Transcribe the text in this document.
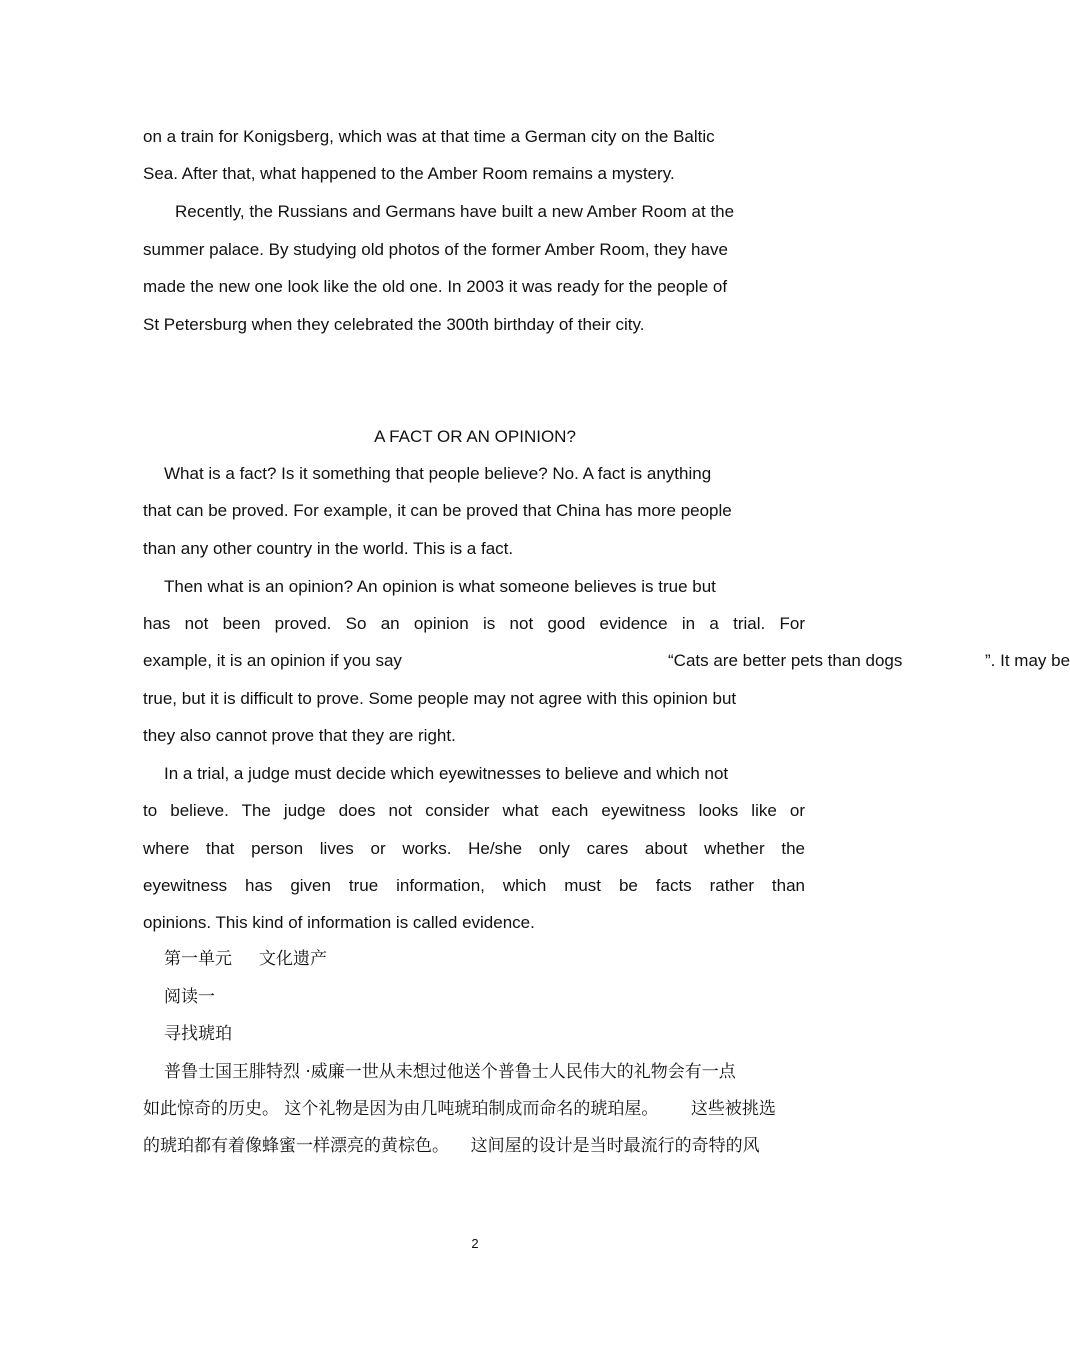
on a train for Konigsberg, which was at that time a German city on the Baltic
Sea. After that, what happened to the Amber Room remains a mystery.
Recently, the Russians and Germans have built a new Amber Room at the
summer palace. By studying old photos of the former Amber Room, they have
made the new one look like the old one. In 2003 it was ready for the people of
St Petersburg when they celebrated the 300th birthday of their city.
A FACT OR AN OPINION?
What is a fact? Is it something that people believe? No. A fact is anything
that can be proved. For example, it can be proved that China has more people
than any other country in the world. This is a fact.
Then what is an opinion? An opinion is what someone believes is true but
has not been proved. So an opinion is not good evidence in a trial. For
example, it is an opinion if you say	“Cats are better pets than dogs	”. It may be
true, but it is difficult to prove. Some people may not agree with this opinion but
they also cannot prove that they are right.
In a trial, a judge must decide which eyewitnesses to believe and which not
to believe. The judge does not consider what each eyewitness looks like or
where that person lives or works. He/she only cares about whether the
eyewitness has given true information, which must be facts rather than
opinions. This kind of information is called evidence.
第一单元     文化遗产
阅读一
寻找琥珀
普鲁士国王腓特烈 ·威廉一世从未想过他送个普鲁士人民伟大的礼物会有一点
如此惊奇的历史。 这个礼物是因为由几吨琥珀制成而命名的琥珀屋。      这些被挑选
的琥珀都有着像蜂蜜一样漂亮的黄棕色。    这间屋的设计是当时最流行的奇特的风
2
